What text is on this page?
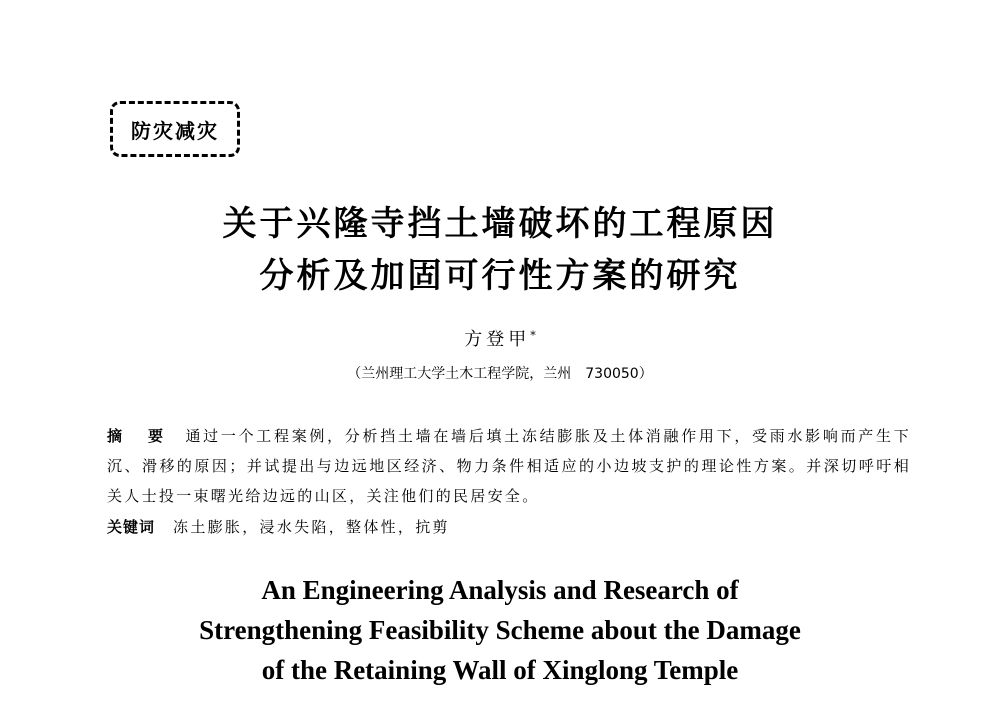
防灾减灾
关于兴隆寺挡土墙破坏的工程原因
分析及加固可行性方案的研究
方登甲*
（兰州理工大学土木工程学院，兰州　730050）
摘 要 通过一个工程案例，分析挡土墙在墙后填土冻结膨胀及土体消融作用下，受雨水影响而产生下沉、滑移的原因；并试提出与边远地区经济、物力条件相适应的小边坡支护的理论性方案。并深切呼吁相关人士投一束曙光给边远的山区，关注他们的民居安全。
关键词 冻土膨胀，浸水失陷，整体性，抗剪
An Engineering Analysis and Research of
Strengthening Feasibility Scheme about the Damage
of the Retaining Wall of Xinglong Temple
